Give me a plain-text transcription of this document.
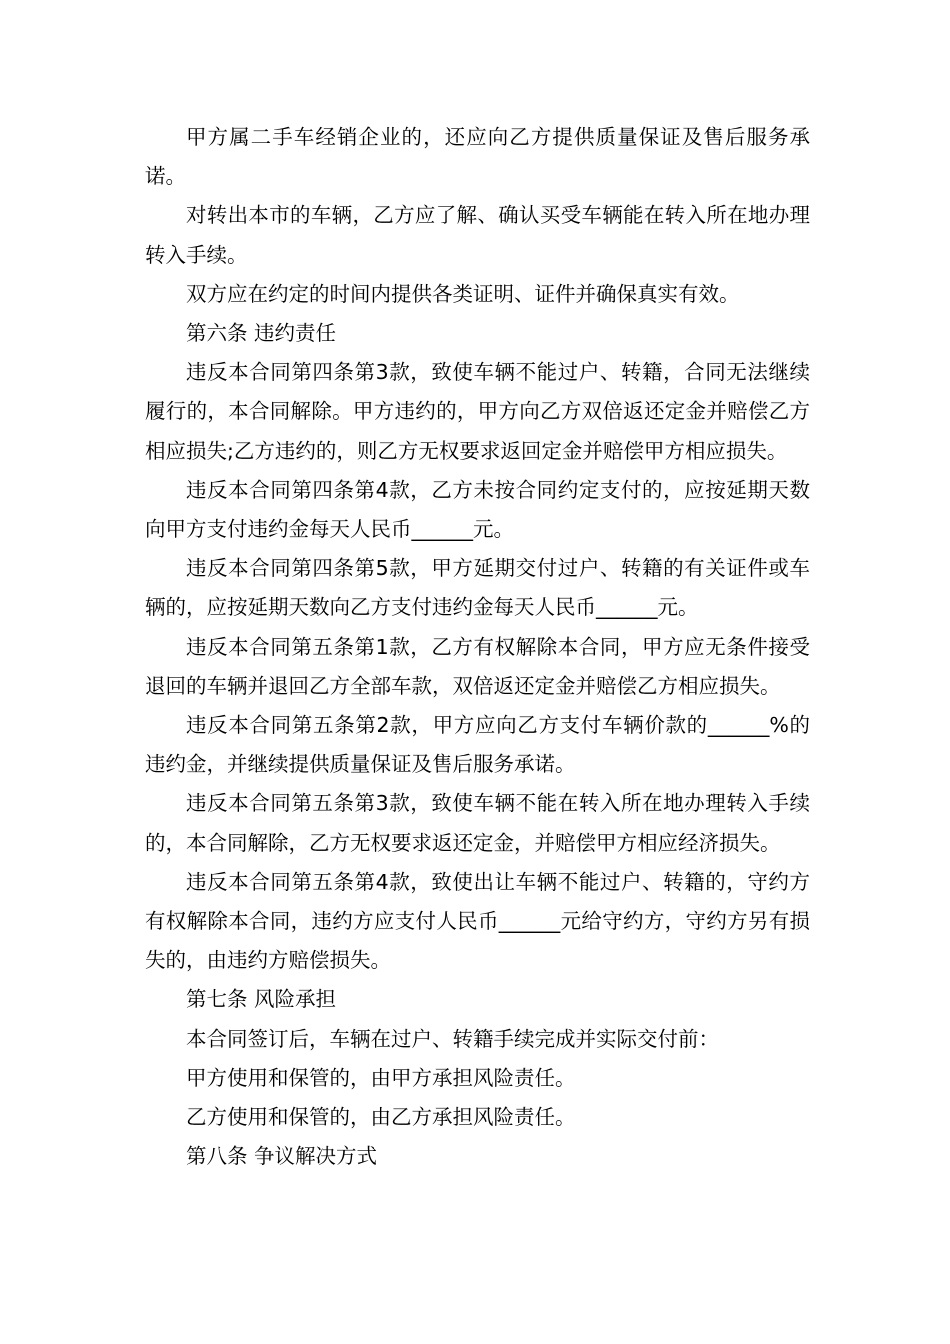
甲方属二手车经销企业的，还应向乙方提供质量保证及售后服务承诺。

对转出本市的车辆，乙方应了解、确认买受车辆能在转入所在地办理转入手续。

双方应在约定的时间内提供各类证明、证件并确保真实有效。

第六条 违约责任

违反本合同第四条第3款，致使车辆不能过户、转籍，合同无法继续履行的，本合同解除。甲方违约的，甲方向乙方双倍返还定金并赔偿乙方相应损失;乙方违约的，则乙方无权要求返回定金并赔偿甲方相应损失。

违反本合同第四条第4款，乙方未按合同约定支付的，应按延期天数向甲方支付违约金每天人民币______元。

违反本合同第四条第5款，甲方延期交付过户、转籍的有关证件或车辆的，应按延期天数向乙方支付违约金每天人民币______元。

违反本合同第五条第1款，乙方有权解除本合同，甲方应无条件接受退回的车辆并退回乙方全部车款，双倍返还定金并赔偿乙方相应损失。

违反本合同第五条第2款，甲方应向乙方支付车辆价款的______%的违约金，并继续提供质量保证及售后服务承诺。

违反本合同第五条第3款，致使车辆不能在转入所在地办理转入手续的，本合同解除，乙方无权要求返还定金，并赔偿甲方相应经济损失。

违反本合同第五条第4款，致使出让车辆不能过户、转籍的，守约方有权解除本合同，违约方应支付人民币______元给守约方，守约方另有损失的，由违约方赔偿损失。

第七条 风险承担

本合同签订后，车辆在过户、转籍手续完成并实际交付前：

甲方使用和保管的，由甲方承担风险责任。

乙方使用和保管的，由乙方承担风险责任。

第八条 争议解决方式
